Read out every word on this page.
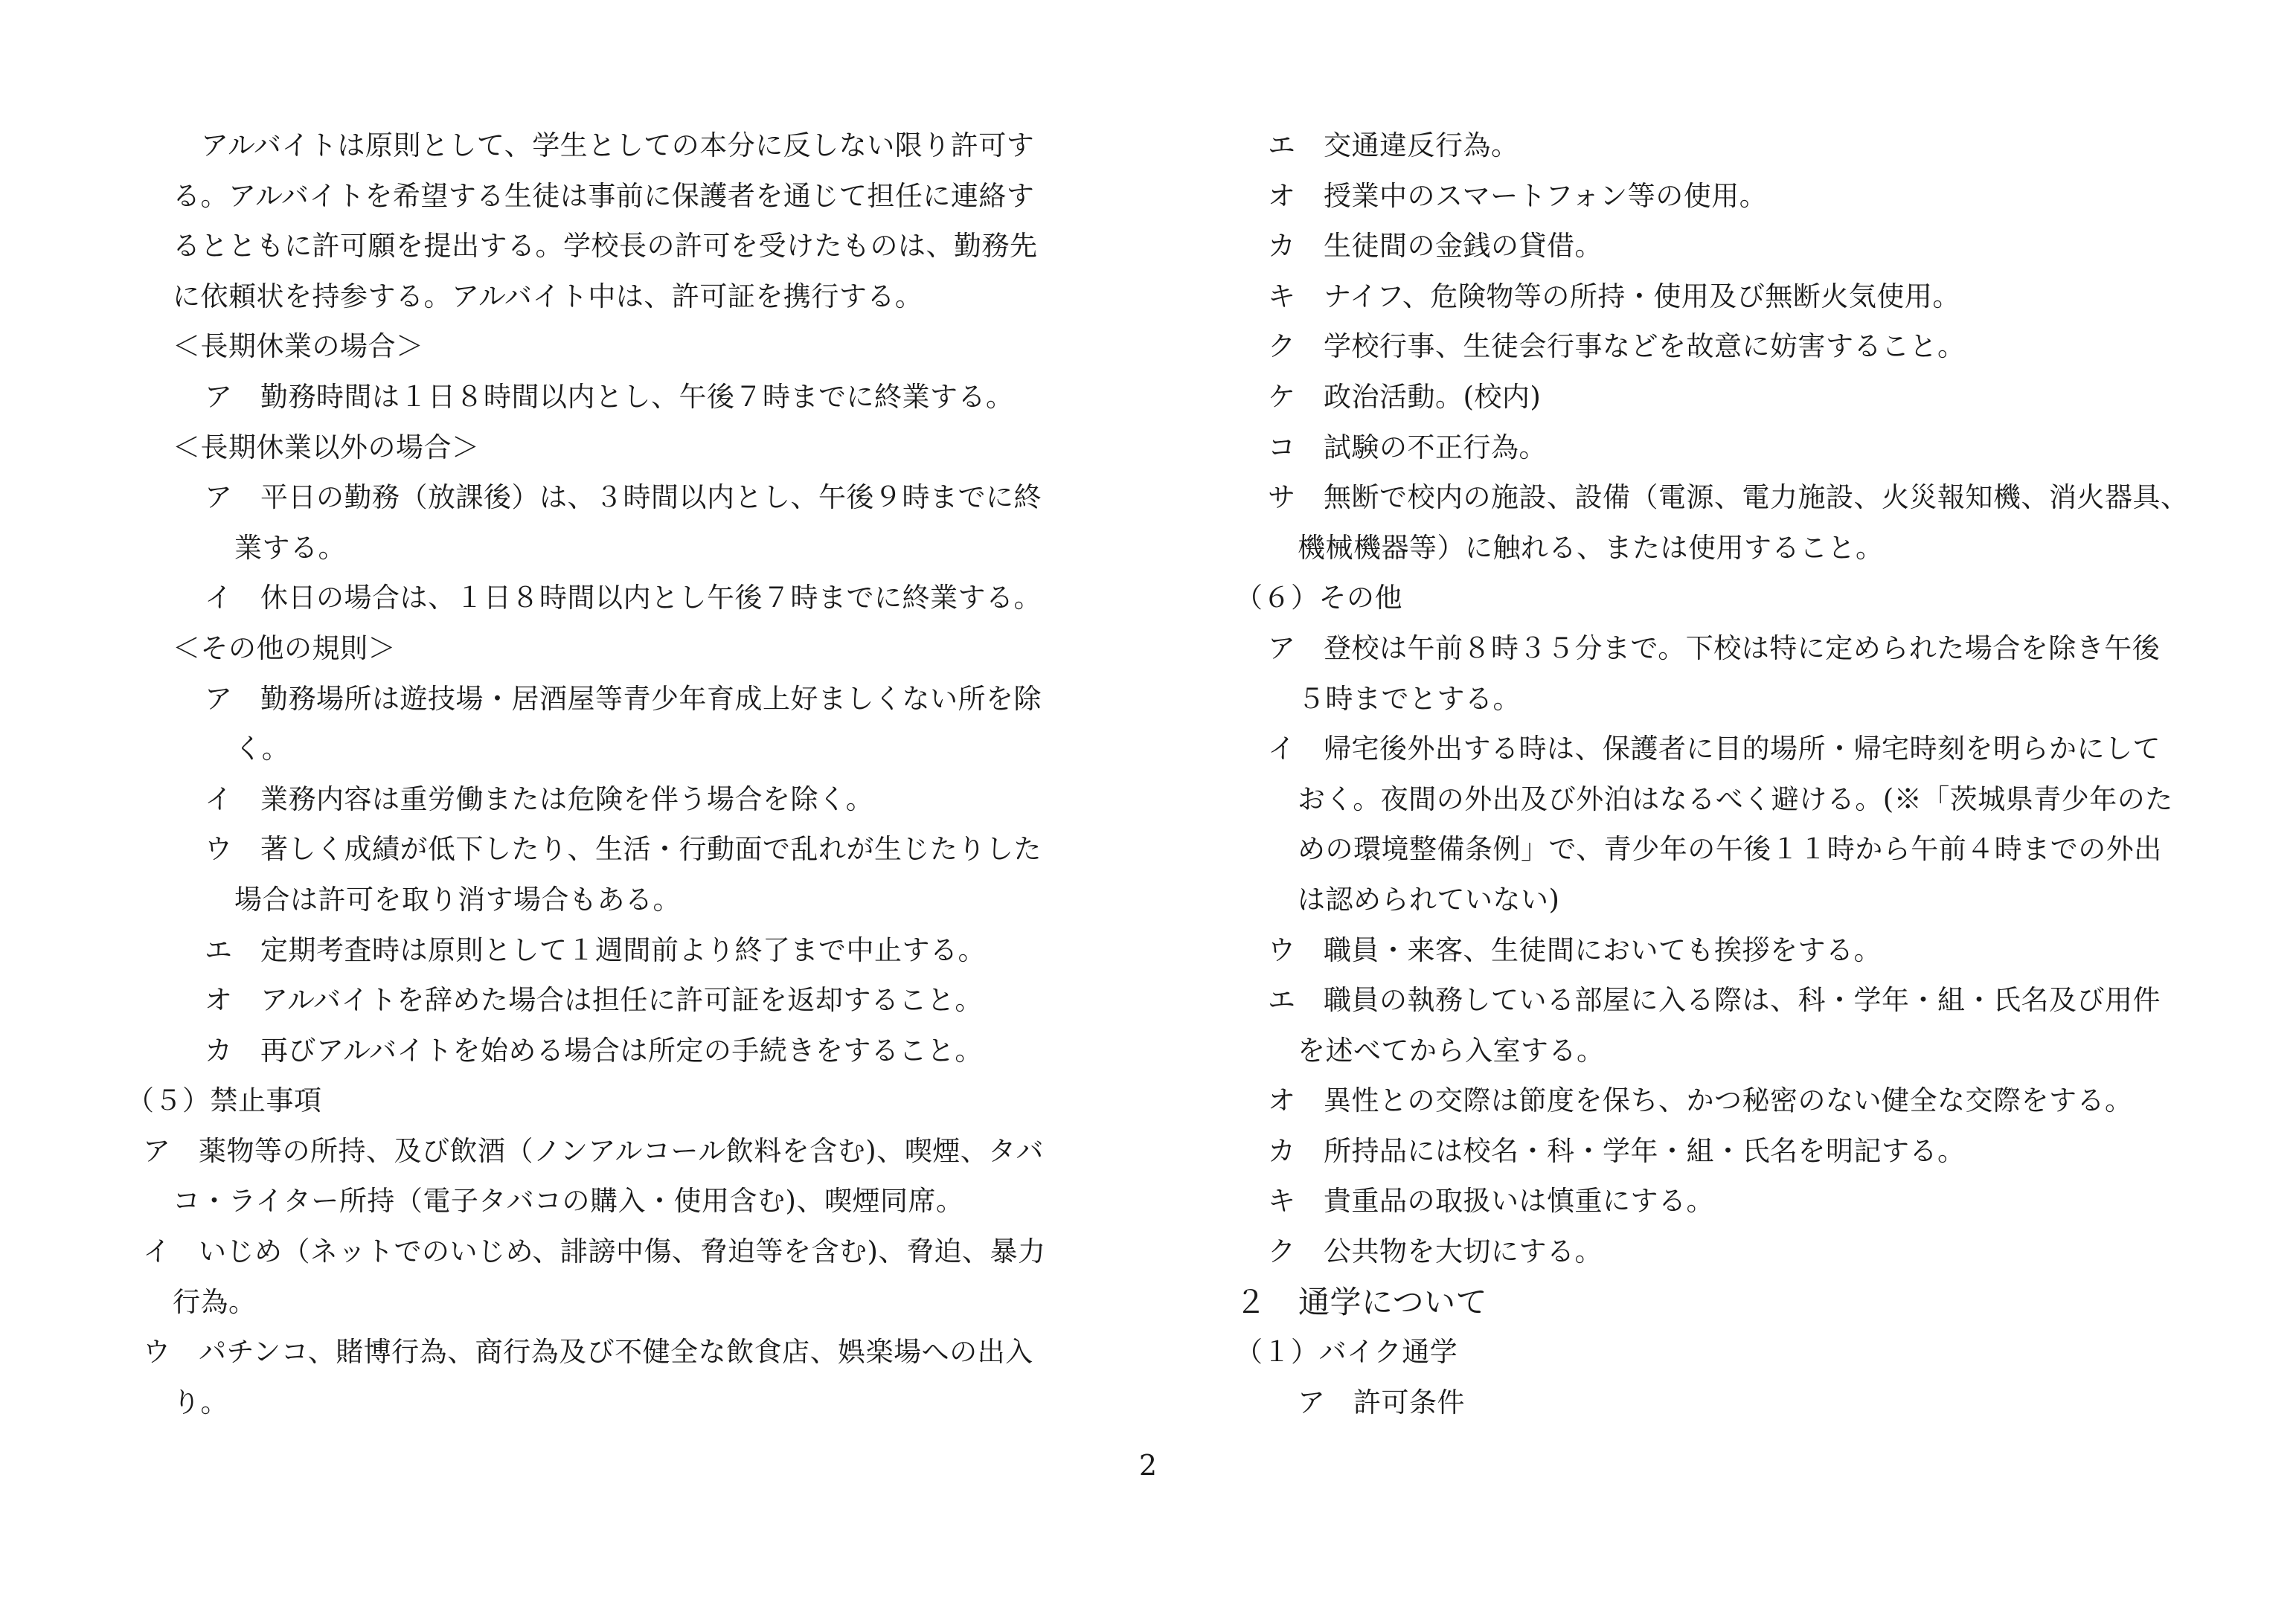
アルバイトは原則として、学生としての本分に反しない限り許可す
る。アルバイトを希望する生徒は事前に保護者を通じて担任に連絡す
るとともに許可願を提出する。学校長の許可を受けたものは、勤務先
に依頼状を持参する。アルバイト中は、許可証を携行する。
＜長期休業の場合＞
ア　勤務時間は１日８時間以内とし、午後７時までに終業する。
＜長期休業以外の場合＞
ア　平日の勤務（放課後）は、３時間以内とし、午後９時までに終
業する。
イ　休日の場合は、１日８時間以内とし午後７時までに終業する。
＜その他の規則＞
ア　勤務場所は遊技場・居酒屋等青少年育成上好ましくない所を除
く。
イ　業務内容は重労働または危険を伴う場合を除く。
ウ　著しく成績が低下したり、生活・行動面で乱れが生じたりした
場合は許可を取り消す場合もある。
エ　定期考査時は原則として１週間前より終了まで中止する。
オ　アルバイトを辞めた場合は担任に許可証を返却すること。
カ　再びアルバイトを始める場合は所定の手続きをすること。
（５）禁止事項
ア　薬物等の所持、及び飲酒（ノンアルコール飲料を含む)、喫煙、タバ
コ・ライター所持（電子タバコの購入・使用含む)、喫煙同席。
イ　いじめ（ネットでのいじめ、誹謗中傷、脅迫等を含む)、脅迫、暴力
行為。
ウ　パチンコ、賭博行為、商行為及び不健全な飲食店、娯楽場への出入
り。
エ　交通違反行為。
オ　授業中のスマートフォン等の使用。
カ　生徒間の金銭の貸借。
キ　ナイフ、危険物等の所持・使用及び無断火気使用。
ク　学校行事、生徒会行事などを故意に妨害すること。
ケ　政治活動。(校内)
コ　試験の不正行為。
サ　無断で校内の施設、設備（電源、電力施設、火災報知機、消火器具、
機械機器等）に触れる、または使用すること。
（６）その他
ア　登校は午前８時３５分まで。下校は特に定められた場合を除き午後
５時までとする。
イ　帰宅後外出する時は、保護者に目的場所・帰宅時刻を明らかにして
おく。夜間の外出及び外泊はなるべく避ける。(※「茨城県青少年のた
めの環境整備条例」で、青少年の午後１１時から午前４時までの外出
は認められていない)
ウ　職員・来客、生徒間においても挨拶をする。
エ　職員の執務している部屋に入る際は、科・学年・組・氏名及び用件
を述べてから入室する。
オ　異性との交際は節度を保ち、かつ秘密のない健全な交際をする。
カ　所持品には校名・科・学年・組・氏名を明記する。
キ　貴重品の取扱いは慎重にする。
ク　公共物を大切にする。
２　通学について
（１）バイク通学
ア　許可条件
2
